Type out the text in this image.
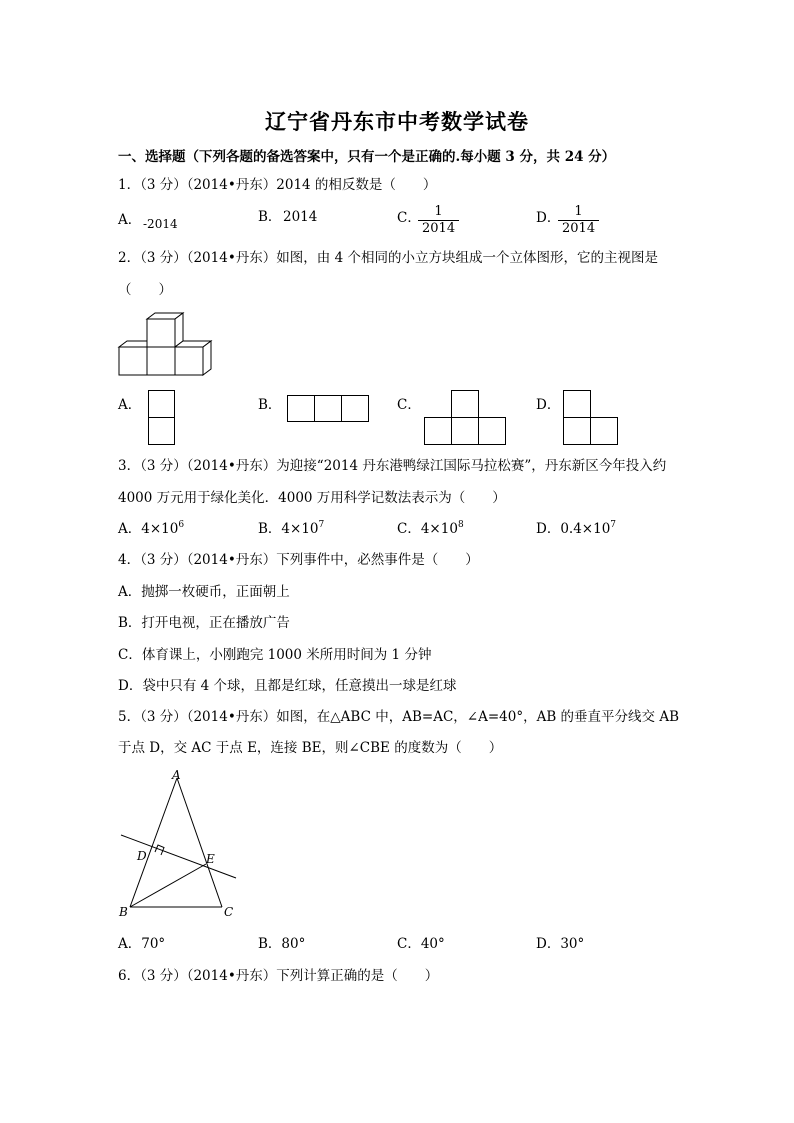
辽宁省丹东市中考数学试卷
一、选择题（下列各题的备选答案中，只有一个是正确的.每小题 3 分，共 24 分）
1．（3 分）（2014•丹东）2014 的相反数是（　　）
A． -2014	B． 2014	C．
$\frac{1}{2014}$	D．
$\frac{1}{2014}$
2．（3 分）（2014•丹东）如图，由 4 个相同的小立方块组成一个立体图形，它的主视图是
（　　）
A．	B．	C．	D．
3．（3 分）（2014•丹东）为迎接“2014 丹东港鸭绿江国际马拉松赛”，丹东新区今年投入约
4000 万元用于绿化美化．4000 万用科学记数法表示为（　　）
A．$4\times 10^6$	B．$4\times 10^7$	C．$4\times 10^8$	D．$0.4\times 10^7$
4．（3 分）（2014•丹东）下列事件中，必然事件是（　　）
A．抛掷一枚硬币，正面朝上
B．打开电视，正在播放广告
C．体育课上，小刚跑完 1000 米所用时间为 1 分钟
D．袋中只有 4 个球，且都是红球，任意摸出一球是红球
5．（3 分）（2014•丹东）如图，在△ABC 中，AB=AC，∠A=40°，AB 的垂直平分线交 AB
于点 D，交 AC 于点 E，连接 BE，则∠CBE 的度数为（　　）
A
B	C
D	E
A．70°	B．80°	C．40°	D．30°
6．（3 分）（2014•丹东）下列计算正确的是（　　）
